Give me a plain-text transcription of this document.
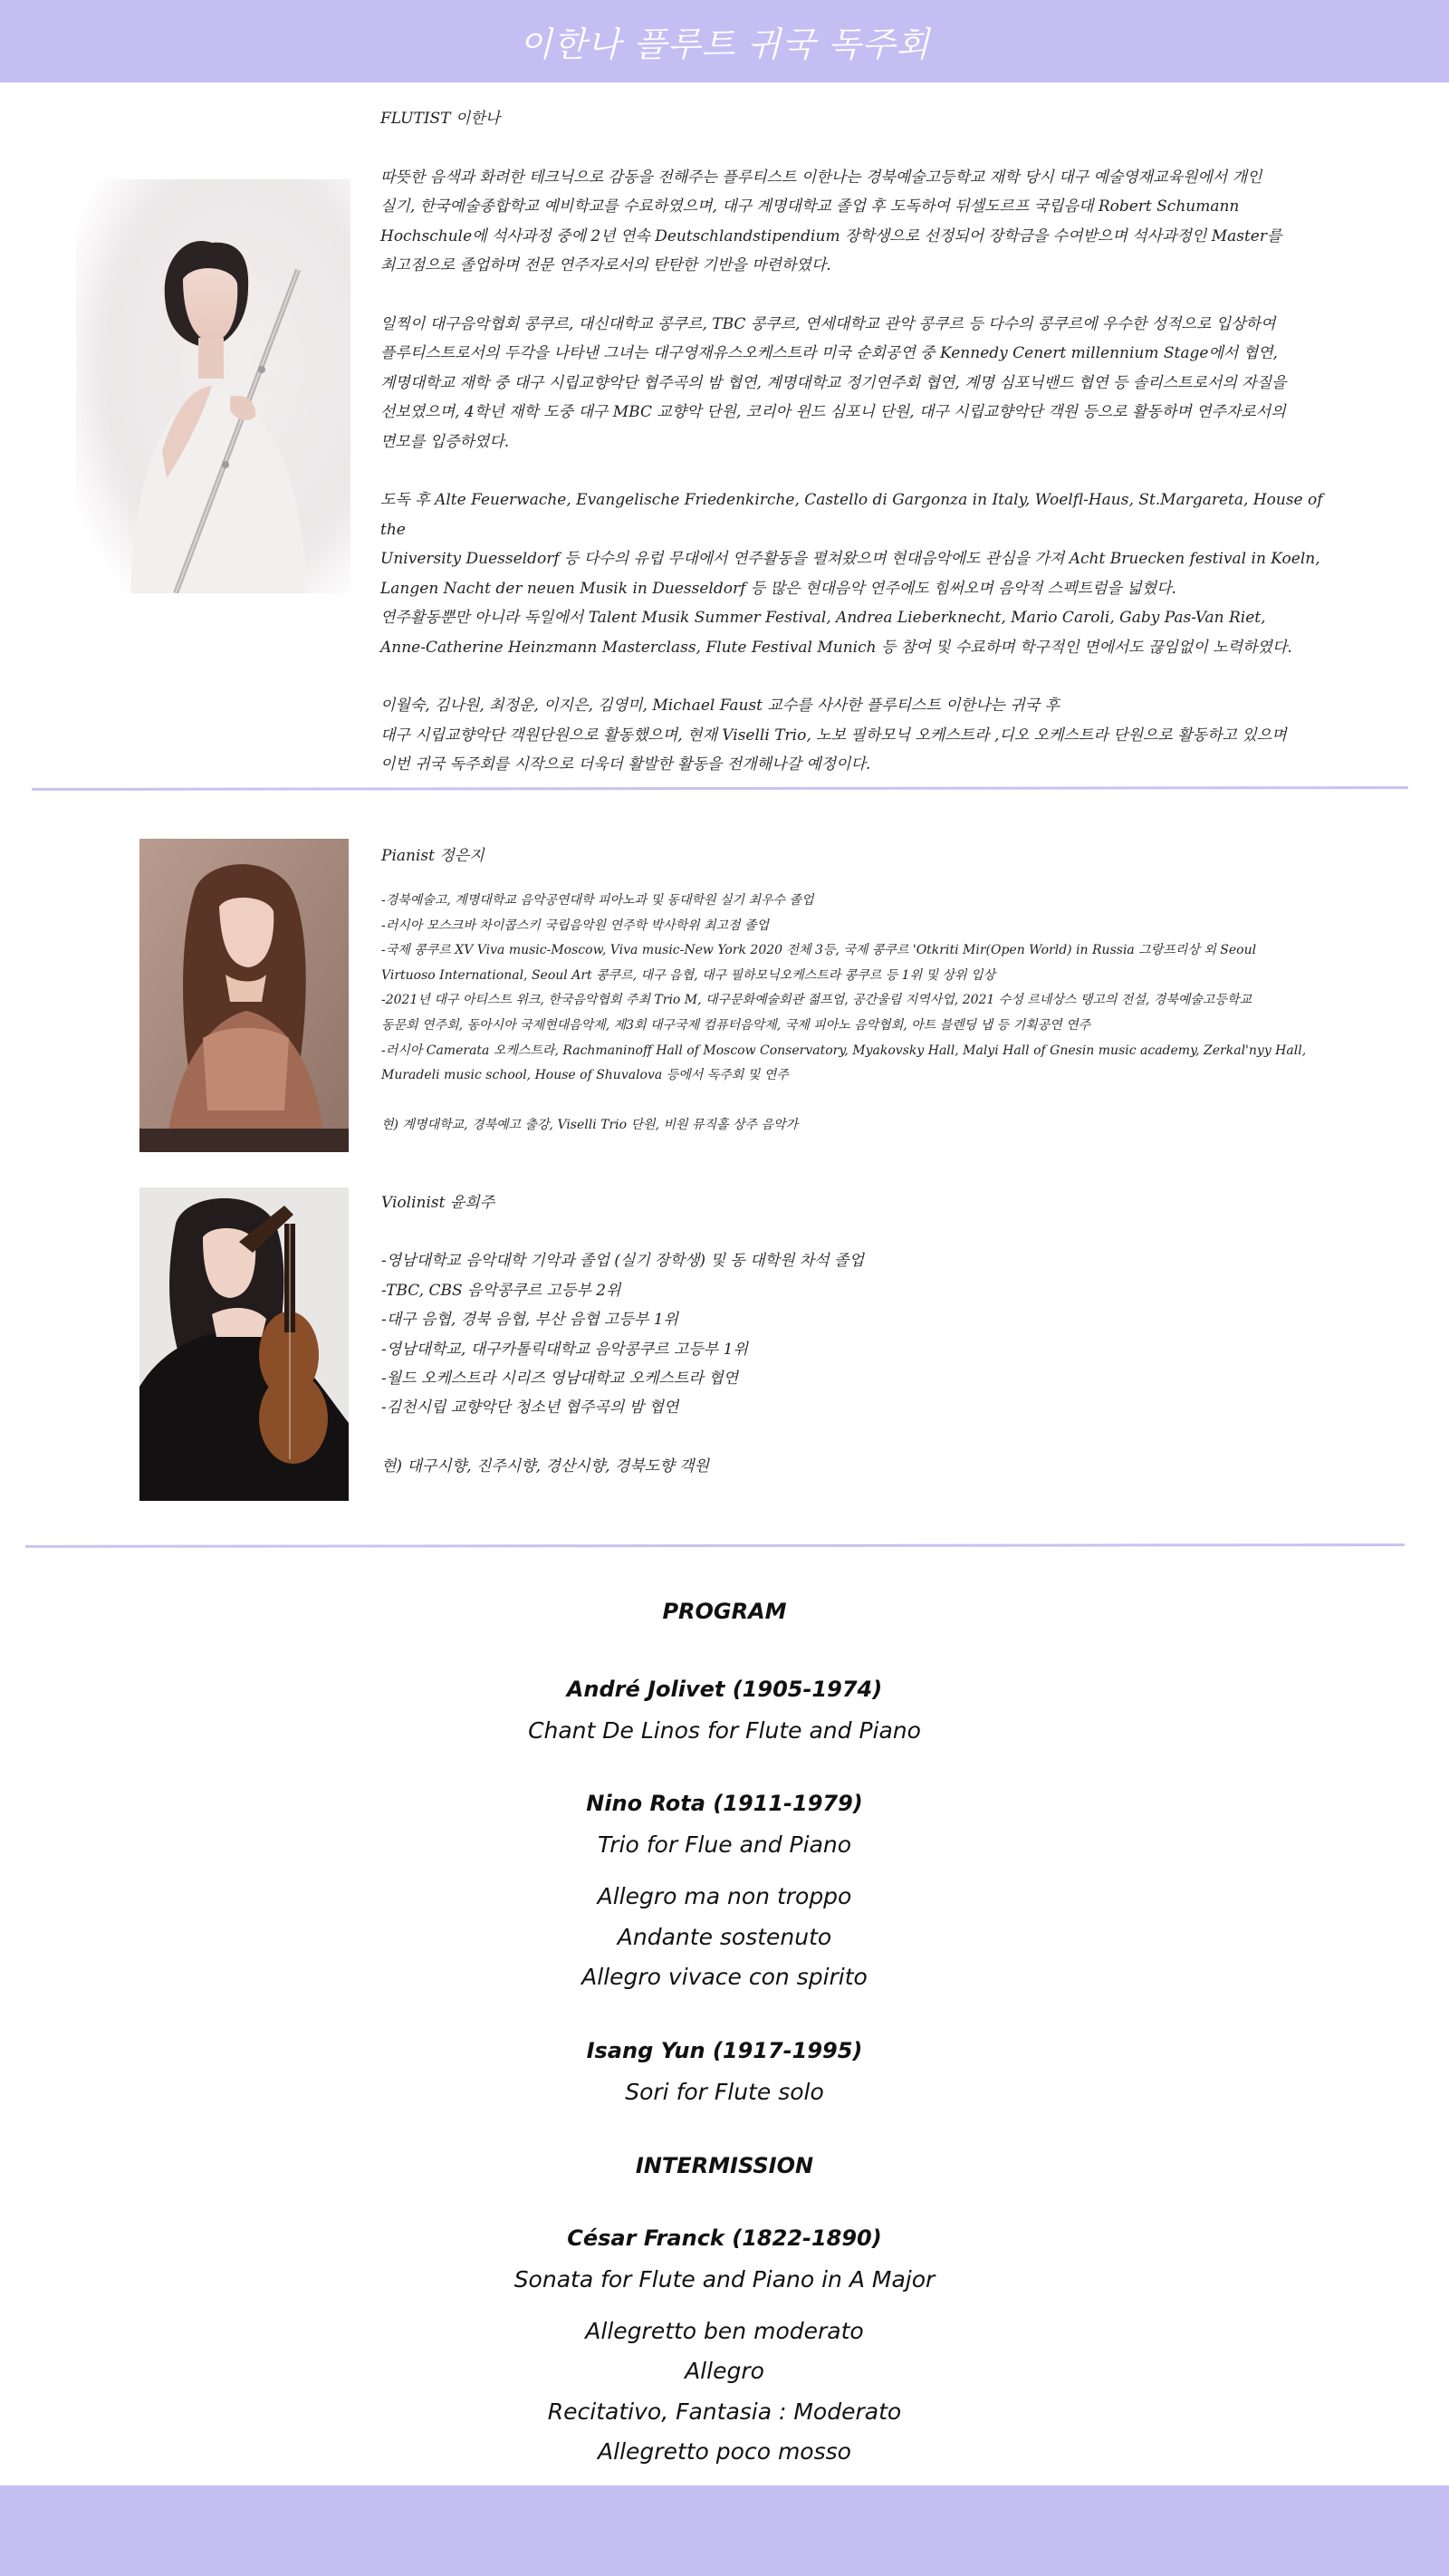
이한나 플루트 귀국 독주회

FLUTIST 이한나

따뜻한 음색과 화려한 테크닉으로 감동을 전해주는 플루티스트 이한나는 경북예술고등학교 재학 당시 대구 예술영재교육원에서 개인
실기, 한국예술종합학교 예비학교를 수료하였으며, 대구 계명대학교 졸업 후 도독하여 뒤셀도르프 국립음대 Robert Schumann
Hochschule에 석사과정 중에 2년 연속 Deutschlandstipendium 장학생으로 선정되어 장학금을 수여받으며 석사과정인 Master를
최고점으로 졸업하며 전문 연주자로서의 탄탄한 기반을 마련하였다.

일찍이 대구음악협회 콩쿠르, 대신대학교 콩쿠르, TBC 콩쿠르, 연세대학교 관악 콩쿠르 등 다수의 콩쿠르에 우수한 성적으로 입상하여
플루티스트로서의 두각을 나타낸 그녀는 대구영재유스오케스트라 미국 순회공연 중 Kennedy Cenert millennium Stage에서 협연,
계명대학교 재학 중 대구 시립교향악단 협주곡의 밤 협연, 계명대학교 정기연주회 협연, 계명 심포닉밴드 협연 등 솔리스트로서의 자질을
선보였으며, 4학년 재학 도중 대구 MBC 교향악 단원, 코리아 윈드 심포니 단원, 대구 시립교향악단 객원 등으로 활동하며 연주자로서의
면모를 입증하였다.

도독 후 Alte Feuerwache, Evangelische Friedenkirche, Castello di Gargonza in Italy, Woelfl-Haus, St.Margareta, House of the
University Duesseldorf 등 다수의 유럽 무대에서 연주활동을 펼쳐왔으며 현대음악에도 관심을 가져 Acht Bruecken festival in Koeln,
Langen Nacht der neuen Musik in Duesseldorf 등 많은 현대음악 연주에도 힘써오며 음악적 스펙트럼을 넓혔다.
연주활동뿐만 아니라 독일에서 Talent Musik Summer Festival, Andrea Lieberknecht, Mario Caroli, Gaby Pas-Van Riet,
Anne-Catherine Heinzmann Masterclass, Flute Festival Munich 등 참여 및 수료하며 학구적인 면에서도 끊임없이 노력하였다.

이월숙, 김나원, 최정운, 이지은, 김영미, Michael Faust 교수를 사사한 플루티스트 이한나는 귀국 후
대구 시립교향악단 객원단원으로 활동했으며, 현재 Viselli Trio, 노보 필하모닉 오케스트라 ,디오 오케스트라 단원으로 활동하고 있으며
이번 귀국 독주회를 시작으로 더욱더 활발한 활동을 전개해나갈 예정이다.

Pianist 정은지

-경북예술고, 계명대학교 음악공연대학 피아노과 및 동대학원 실기 최우수 졸업

-러시아 모스크바 차이콥스키 국립음악원 연주학 박사학위 최고점 졸업

-국제 콩쿠르 XV Viva music-Moscow, Viva music-New York 2020 전체 3등, 국제 콩쿠르 'Otkriti Mir(Open World) in Russia 그랑프리상 외 Seoul

Virtuoso International, Seoul Art 콩쿠르, 대구 음협, 대구 필하모닉오케스트라 콩쿠르 등 1위 및 상위 입상

-2021년 대구 아티스트 위크, 한국음악협회 주최 Trio M, 대구문화예술회관 젊프엄, 공간울림 지역사업, 2021 수성 르네상스 탱고의 전설, 경북예술고등학교

동문회 연주회, 동아시아 국제현대음악제, 제3회 대구국제 컴퓨터음악제, 국제 피아노 음악협회, 아트 블렌딩 냅 등 기획공연 연주

-러시아 Camerata 오케스트라, Rachmaninoff Hall of Moscow Conservatory, Myakovsky Hall, Malyi Hall of Gnesin music academy, Zerkal'nyy Hall,

Muradeli music school, House of Shuvalova 등에서 독주회 및 연주

현) 계명대학교, 경북예고 출강, Viselli Trio 단원, 비원 뮤직홀 상주 음악가

Violinist 윤희주

-영남대학교 음악대학 기악과 졸업 (실기 장학생) 및 동 대학원 차석 졸업

-TBC, CBS 음악콩쿠르 고등부 2위

-대구 음협, 경북 음협, 부산 음협 고등부 1위

-영남대학교, 대구카톨릭대학교 음악콩쿠르 고등부 1위

-월드 오케스트라 시리즈 영남대학교 오케스트라 협연

-김천시립 교향악단 청소년 협주곡의 밤 협연

현) 대구시향, 진주시향, 경산시향, 경북도향 객원

PROGRAM
André Jolivet (1905-1974)
Chant De Linos for Flute and Piano
Nino Rota (1911-1979)
Trio for Flue and Piano
Allegro ma non troppo
Andante sostenuto
Allegro vivace con spirito
Isang Yun (1917-1995)
Sori for Flute solo
INTERMISSION
César Franck (1822-1890)
Sonata for Flute and Piano in A Major
Allegretto ben moderato
Allegro
Recitativo, Fantasia : Moderato
Allegretto poco mosso
